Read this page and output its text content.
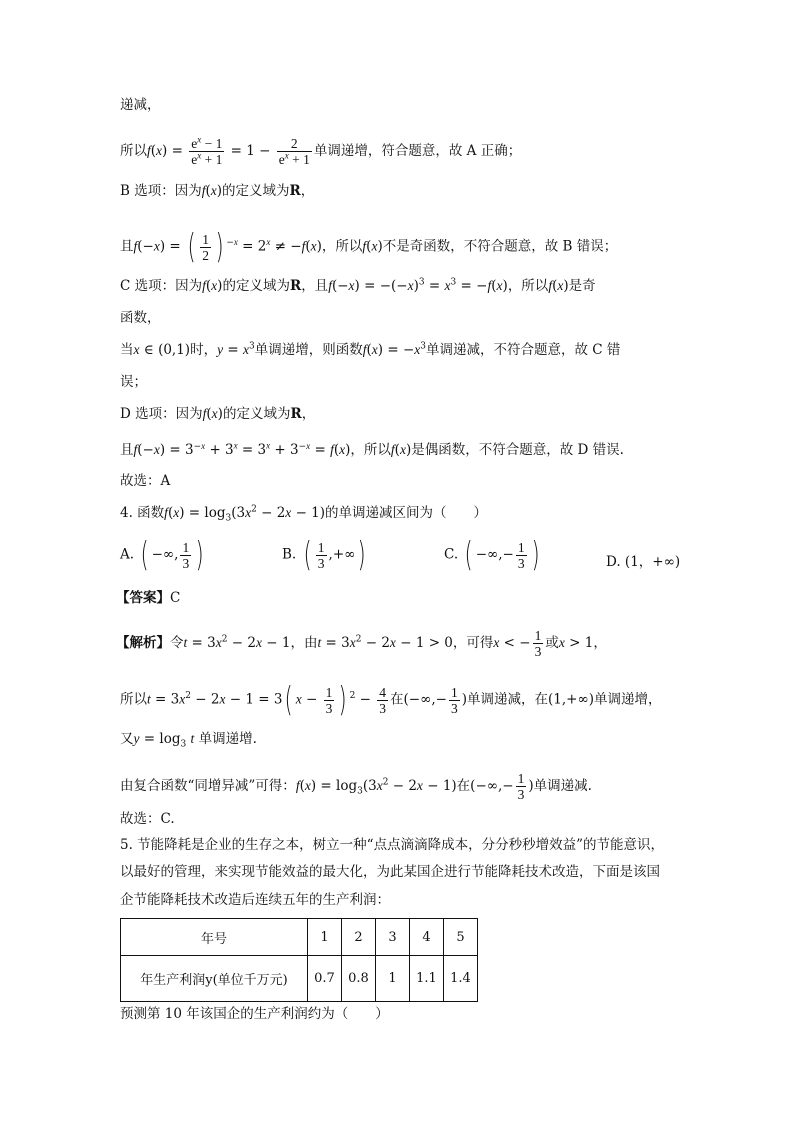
递减，
所以$f(x) = \frac{e^x - 1}{e^x + 1} = 1 - \frac{2}{e^x + 1}$ 单调递增，符合题意，故 A 正确；
B 选项：因为f(x)的定义域为R，
且f(−x) = ( $\frac{1}{2}$ ) $^{-x} = 2^x \ne -f(x)$，所以f(x)不是奇函数，不符合题意，故 B 错误；
C 选项：因为f(x)的定义域为R，且$f(-x) = -(-x)^3 = x^3 = -f(x)$，所以f(x)是奇
函数，
当x ∈ (0,1)时，$y = x^3$单调递增，则函数$f(x) = -x^3$单调递减，不符合题意，故 C 错
误；
D 选项：因为f(x)的定义域为R，
且$f(-x) = 3^{-x} + 3^x = 3^x + 3^{-x} = f(x)$，所以f(x)是偶函数，不符合题意，故 D 错误.
故选：A
4. 函数$f(x) = \log_3(3x^2 - 2x - 1)$的单调递减区间为（　　）
A. ( −∞, $\frac{1}{3}$ )	B. ( $\frac{1}{3}$ ,+∞)	C. ( −∞,− $\frac{1}{3}$ )	D. (1，+∞)
【答案】C
【解析】令$t = 3x^2 - 2x - 1$，由$t = 3x^2 - 2x - 1 > 0$，可得x < − $\frac{1}{3}$ 或x > 1，
所以$t = 3x^2 - 2x - 1 = 3$( $x - \frac{1}{3}$ ) $^2 - \frac{4}{3}$ 在(−∞,− $\frac{1}{3}$ )单调递减，在(1,+∞)单调递增，
又$y = \log_3 t$ 单调递增.
由复合函数“同增异减”可得：$f(x) = \log_3(3x^2 - 2x - 1)$在(−∞,− $\frac{1}{3}$ )单调递减.
故选：C.
5. 节能降耗是企业的生存之本，树立一种“点点滴滴降成本，分分秒秒增效益”的节能意识，
以最好的管理，来实现节能效益的最大化，为此某国企进行节能降耗技术改造，下面是该国
企节能降耗技术改造后连续五年的生产利润：
年号	1	2	3	4	5
年生产利润y(单位千万元)	0.7	0.8	1	1.1	1.4
预测第 10 年该国企的生产利润约为（　　）
